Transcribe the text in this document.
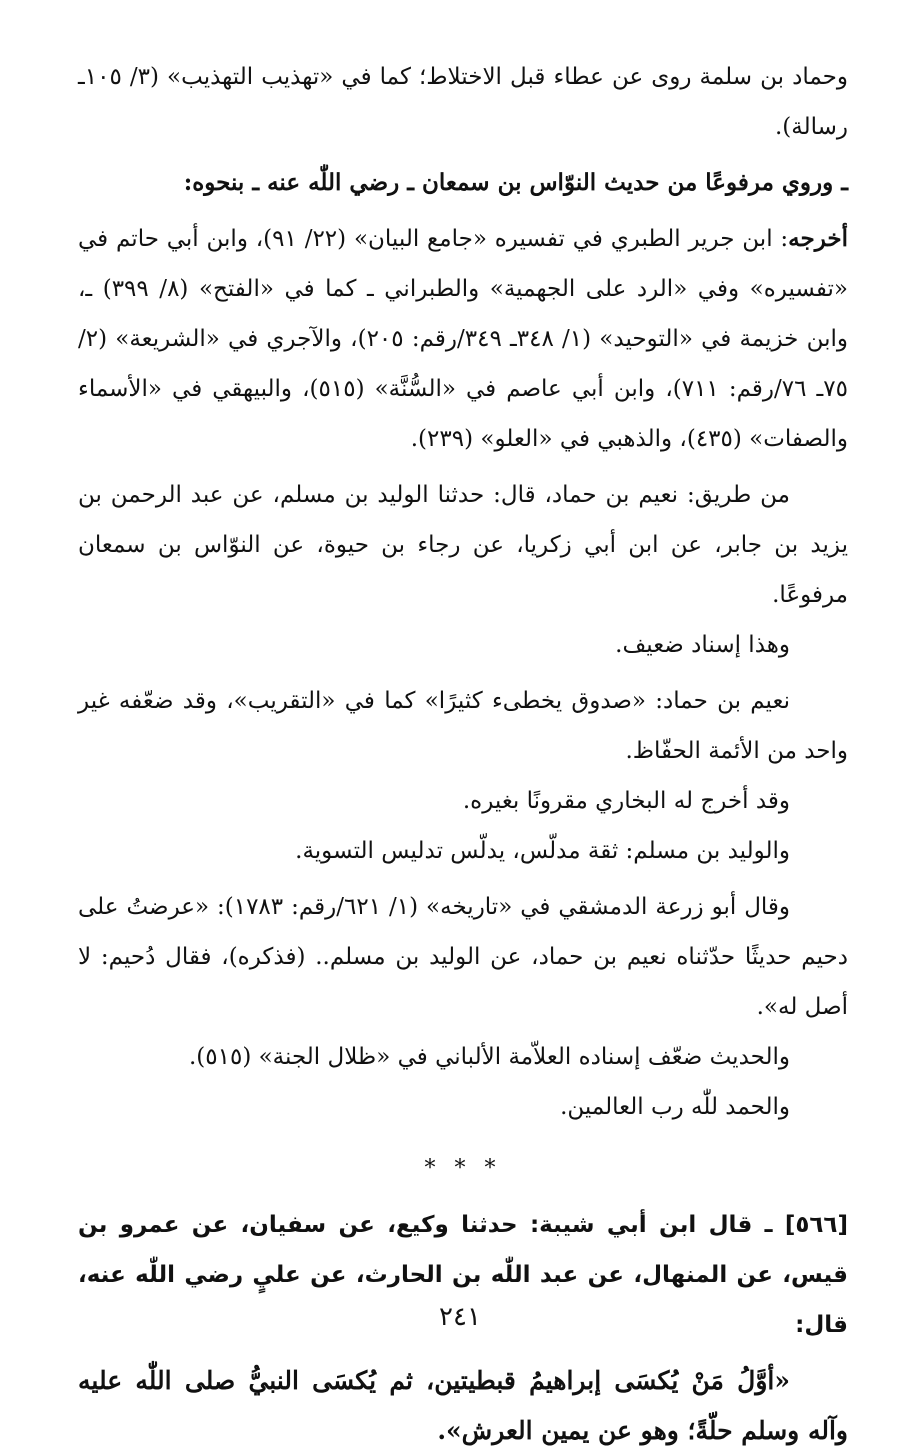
وحماد بن سلمة روى عن عطاء قبل الاختلاط؛ كما في «تهذيب التهذيب» (٣/ ١٠٥ـ رسالة).

ـ وروي مرفوعًا من حديث النوّاس بن سمعان ـ رضي اللّٰه عنه ـ بنحوه:

أخرجه: ابن جرير الطبري في تفسيره «جامع البيان» (٢٢/ ٩١)، وابن أبي حاتم في «تفسيره» وفي «الرد على الجهمية» والطبراني ـ كما في «الفتح» (٨/ ٣٩٩) ـ، وابن خزيمة في «التوحيد» (١/ ٣٤٨ـ ٣٤٩/رقم: ٢٠٥)، والآجري في «الشريعة» (٢/ ٧٥ـ ٧٦/رقم: ٧١١)، وابن أبي عاصم في «السُّنَّة» (٥١٥)، والبيهقي في «الأسماء والصفات» (٤٣٥)، والذهبي في «العلو» (٢٣٩).

من طريق: نعيم بن حماد، قال: حدثنا الوليد بن مسلم، عن عبد الرحمن بن يزيد بن جابر، عن ابن أبي زكريا، عن رجاء بن حيوة، عن النوّاس بن سمعان مرفوعًا.

وهذا إسناد ضعيف.

نعيم بن حماد: «صدوق يخطىء كثيرًا» كما في «التقريب»، وقد ضعّفه غير واحد من الأئمة الحفّاظ.

وقد أخرج له البخاري مقرونًا بغيره.

والوليد بن مسلم: ثقة مدلّس، يدلّس تدليس التسوية.

وقال أبو زرعة الدمشقي في «تاريخه» (١/ ٦٢١/رقم: ١٧٨٣): «عرضتُ على دحيم حديثًا حدّثناه نعيم بن حماد، عن الوليد بن مسلم.. (فذكره)، فقال دُحيم: لا أصل له».

والحديث ضعّف إسناده العلاّمة الألباني في «ظلال الجنة» (٥١٥).

والحمد للّٰه رب العالمين.

* * *

[٥٦٦] ـ قال ابن أبي شيبة: حدثنا وكيع، عن سفيان، عن عمرو بن قيس، عن المنهال، عن عبد اللّٰه بن الحارث، عن عليٍ رضي اللّٰه عنه، قال:

«أوَّلُ مَنْ يُكسَى إبراهيمُ قبطيتين، ثم يُكسَى النبيُّ صلى اللّٰه عليه وآله وسلم حلّةً؛ وهو عن يمين العرش».

٢٤١
